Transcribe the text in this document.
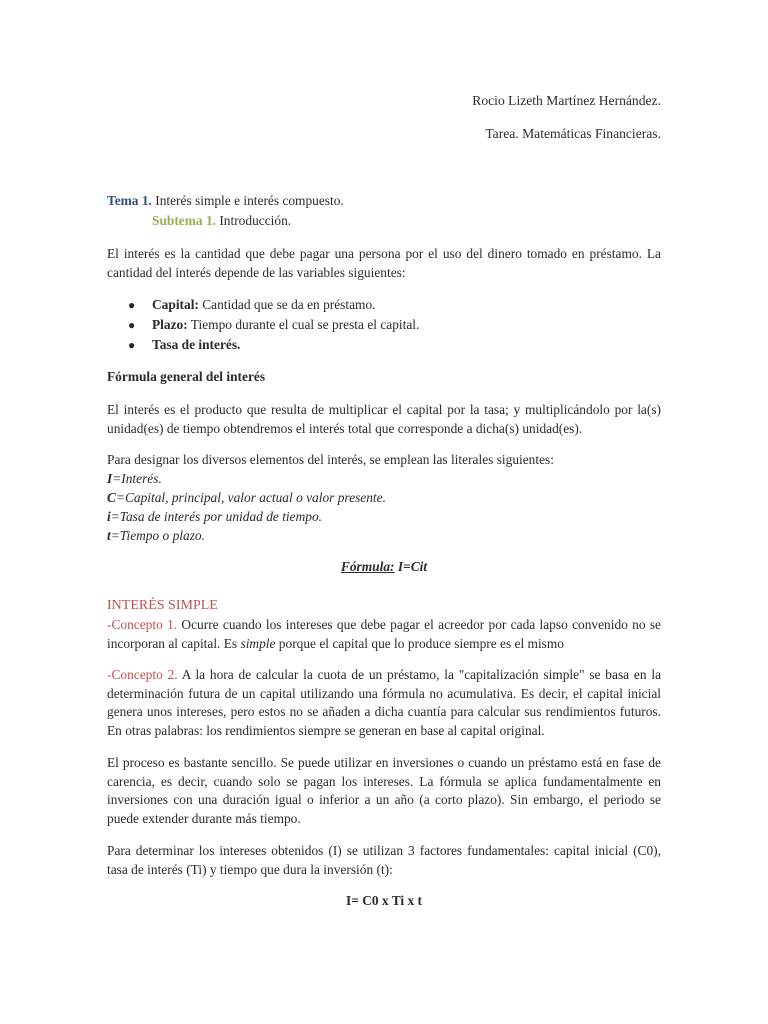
Rocio Lizeth Martínez Hernández.
Tarea. Matemáticas Financieras.
Tema 1. Interés simple e interés compuesto.
Subtema 1. Introducción.

El interés es la cantidad que debe pagar una persona por el uso del dinero tomado en préstamo. La cantidad del interés depende de las variables siguientes:

● Capital: Cantidad que se da en préstamo.
● Plazo: Tiempo durante el cual se presta el capital.
● Tasa de interés.
Fórmula general del interés

El interés es el producto que resulta de multiplicar el capital por la tasa; y multiplicándolo por la(s) unidad(es) de tiempo obtendremos el interés total que corresponde a dicha(s) unidad(es).

Para designar los diversos elementos del interés, se emplean las literales siguientes:
I=Interés.
C=Capital, principal, valor actual o valor presente.
i=Tasa de interés por unidad de tiempo.
t=Tiempo o plazo.
Fórmula: I=Cit
INTERÉS SIMPLE

-Concepto 1. Ocurre cuando los intereses que debe pagar el acreedor por cada lapso convenido no se incorporan al capital. Es simple porque el capital que lo produce siempre es el mismo

-Concepto 2. A la hora de calcular la cuota de un préstamo, la "capitalización simple" se basa en la determinación futura de un capital utilizando una fórmula no acumulativa. Es decir, el capital inicial genera unos intereses, pero estos no se añaden a dicha cuantía para calcular sus rendimientos futuros. En otras palabras: los rendimientos siempre se generan en base al capital original.

El proceso es bastante sencillo. Se puede utilizar en inversiones o cuando un préstamo está en fase de carencia, es decir, cuando solo se pagan los intereses. La fórmula se aplica fundamentalmente en inversiones con una duración igual o inferior a un año (a corto plazo). Sin embargo, el periodo se puede extender durante más tiempo.

Para determinar los intereses obtenidos (I) se utilizan 3 factores fundamentales: capital inicial (C0), tasa de interés (Ti) y tiempo que dura la inversión (t):

I= C0 x Ti x t
